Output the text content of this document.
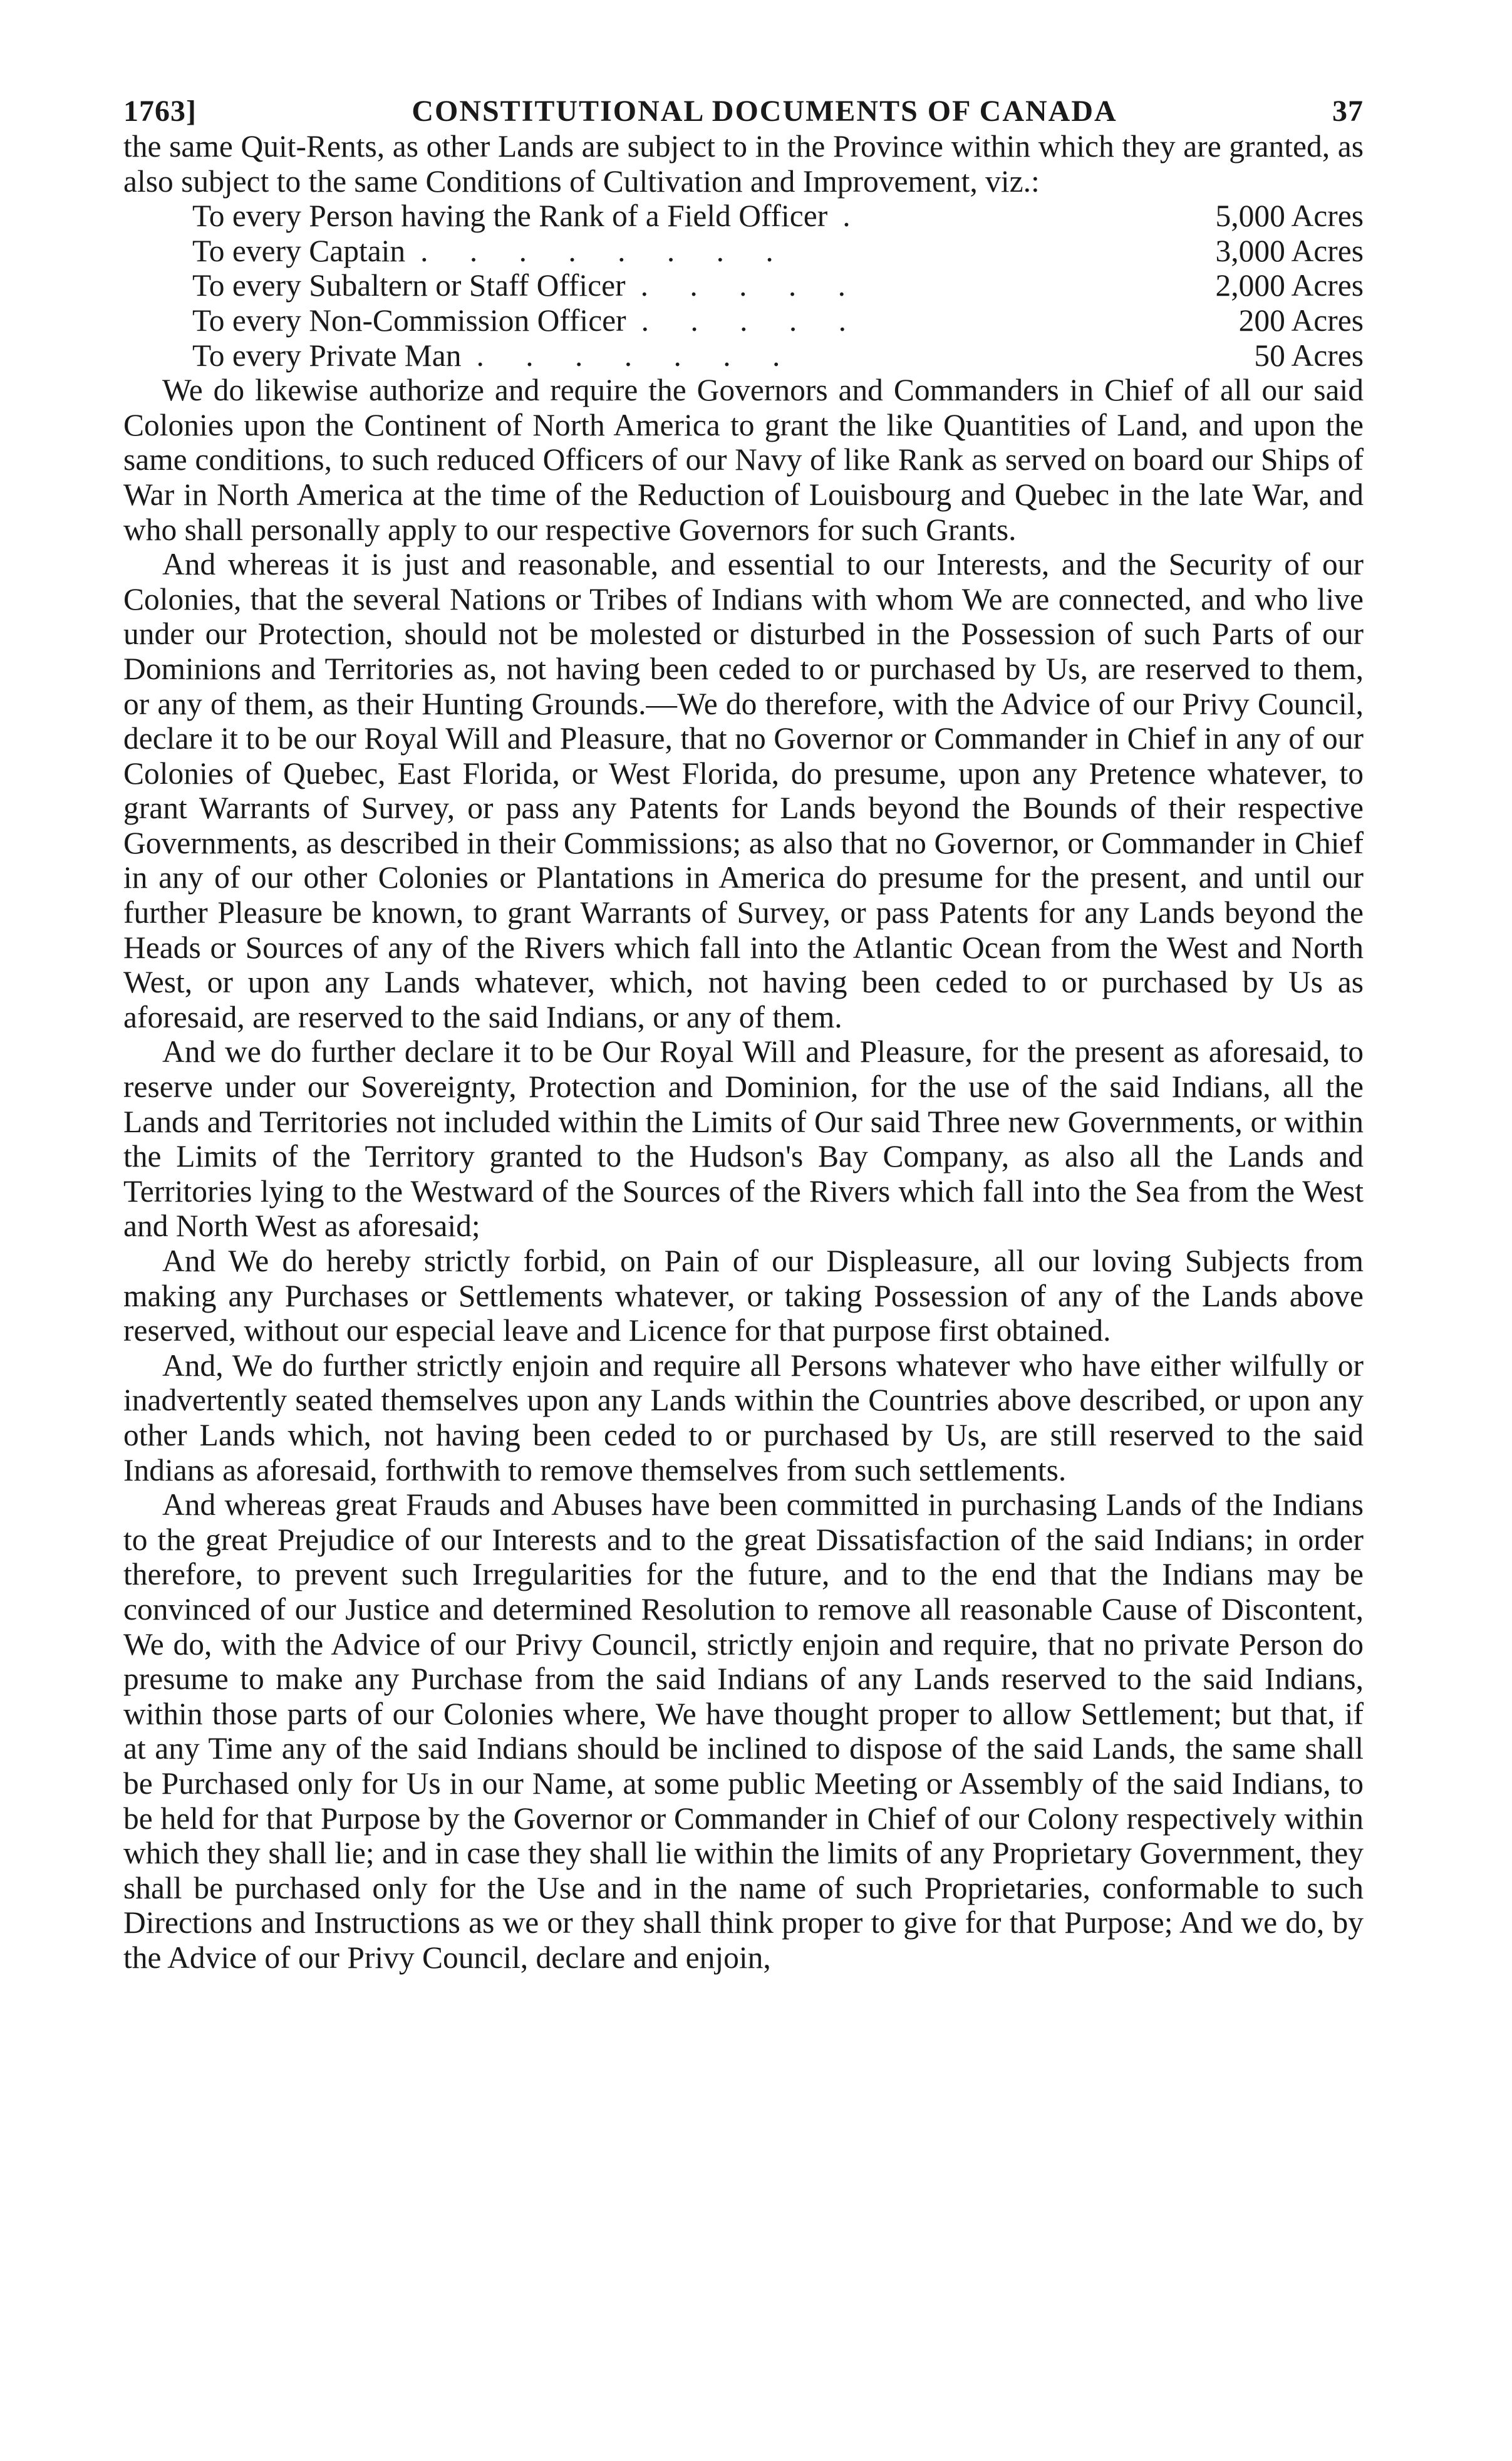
1763]	CONSTITUTIONAL DOCUMENTS OF CANADA	37

the same Quit-Rents, as other Lands are subject to in the Province within which they are granted, as also subject to the same Conditions of Cultivation and Improvement, viz.:

To every Person having the Rank of a Field Officer .	5,000 Acres
To every Captain . . . . . . . .	3,000 Acres
To every Subaltern or Staff Officer . . . . .	2,000 Acres
To every Non-Commission Officer . . . . .	200 Acres
To every Private Man . . . . . . .	50 Acres

We do likewise authorize and require the Governors and Commanders in Chief of all our said Colonies upon the Continent of North America to grant the like Quantities of Land, and upon the same conditions, to such reduced Officers of our Navy of like Rank as served on board our Ships of War in North America at the time of the Reduction of Louisbourg and Quebec in the late War, and who shall personally apply to our respective Governors for such Grants.

And whereas it is just and reasonable, and essential to our Interests, and the Security of our Colonies, that the several Nations or Tribes of Indians with whom We are connected, and who live under our Protection, should not be molested or disturbed in the Possession of such Parts of our Dominions and Territories as, not having been ceded to or purchased by Us, are reserved to them, or any of them, as their Hunting Grounds.—We do therefore, with the Advice of our Privy Council, declare it to be our Royal Will and Pleasure, that no Governor or Commander in Chief in any of our Colonies of Quebec, East Florida, or West Florida, do presume, upon any Pretence whatever, to grant Warrants of Survey, or pass any Patents for Lands beyond the Bounds of their respective Governments, as described in their Commissions; as also that no Governor, or Commander in Chief in any of our other Colonies or Plantations in America do presume for the present, and until our further Pleasure be known, to grant Warrants of Survey, or pass Patents for any Lands beyond the Heads or Sources of any of the Rivers which fall into the Atlantic Ocean from the West and North West, or upon any Lands whatever, which, not having been ceded to or purchased by Us as aforesaid, are reserved to the said Indians, or any of them.

And we do further declare it to be Our Royal Will and Pleasure, for the present as aforesaid, to reserve under our Sovereignty, Protection and Dominion, for the use of the said Indians, all the Lands and Territories not included within the Limits of Our said Three new Governments, or within the Limits of the Territory granted to the Hudson's Bay Company, as also all the Lands and Territories lying to the Westward of the Sources of the Rivers which fall into the Sea from the West and North West as aforesaid;

And We do hereby strictly forbid, on Pain of our Displeasure, all our loving Subjects from making any Purchases or Settlements whatever, or taking Possession of any of the Lands above reserved, without our especial leave and Licence for that purpose first obtained.

And, We do further strictly enjoin and require all Persons whatever who have either wilfully or inadvertently seated themselves upon any Lands within the Countries above described, or upon any other Lands which, not having been ceded to or purchased by Us, are still reserved to the said Indians as aforesaid, forthwith to remove themselves from such settlements.

And whereas great Frauds and Abuses have been committed in purchasing Lands of the Indians to the great Prejudice of our Interests and to the great Dissatisfaction of the said Indians; in order therefore, to prevent such Irregularities for the future, and to the end that the Indians may be convinced of our Justice and determined Resolution to remove all reasonable Cause of Discontent, We do, with the Advice of our Privy Council, strictly enjoin and require, that no private Person do presume to make any Purchase from the said Indians of any Lands reserved to the said Indians, within those parts of our Colonies where, We have thought proper to allow Settlement; but that, if at any Time any of the said Indians should be inclined to dispose of the said Lands, the same shall be Purchased only for Us in our Name, at some public Meeting or Assembly of the said Indians, to be held for that Purpose by the Governor or Commander in Chief of our Colony respectively within which they shall lie; and in case they shall lie within the limits of any Proprietary Government, they shall be purchased only for the Use and in the name of such Proprietaries, conformable to such Directions and Instructions as we or they shall think proper to give for that Purpose; And we do, by the Advice of our Privy Council, declare and enjoin,
